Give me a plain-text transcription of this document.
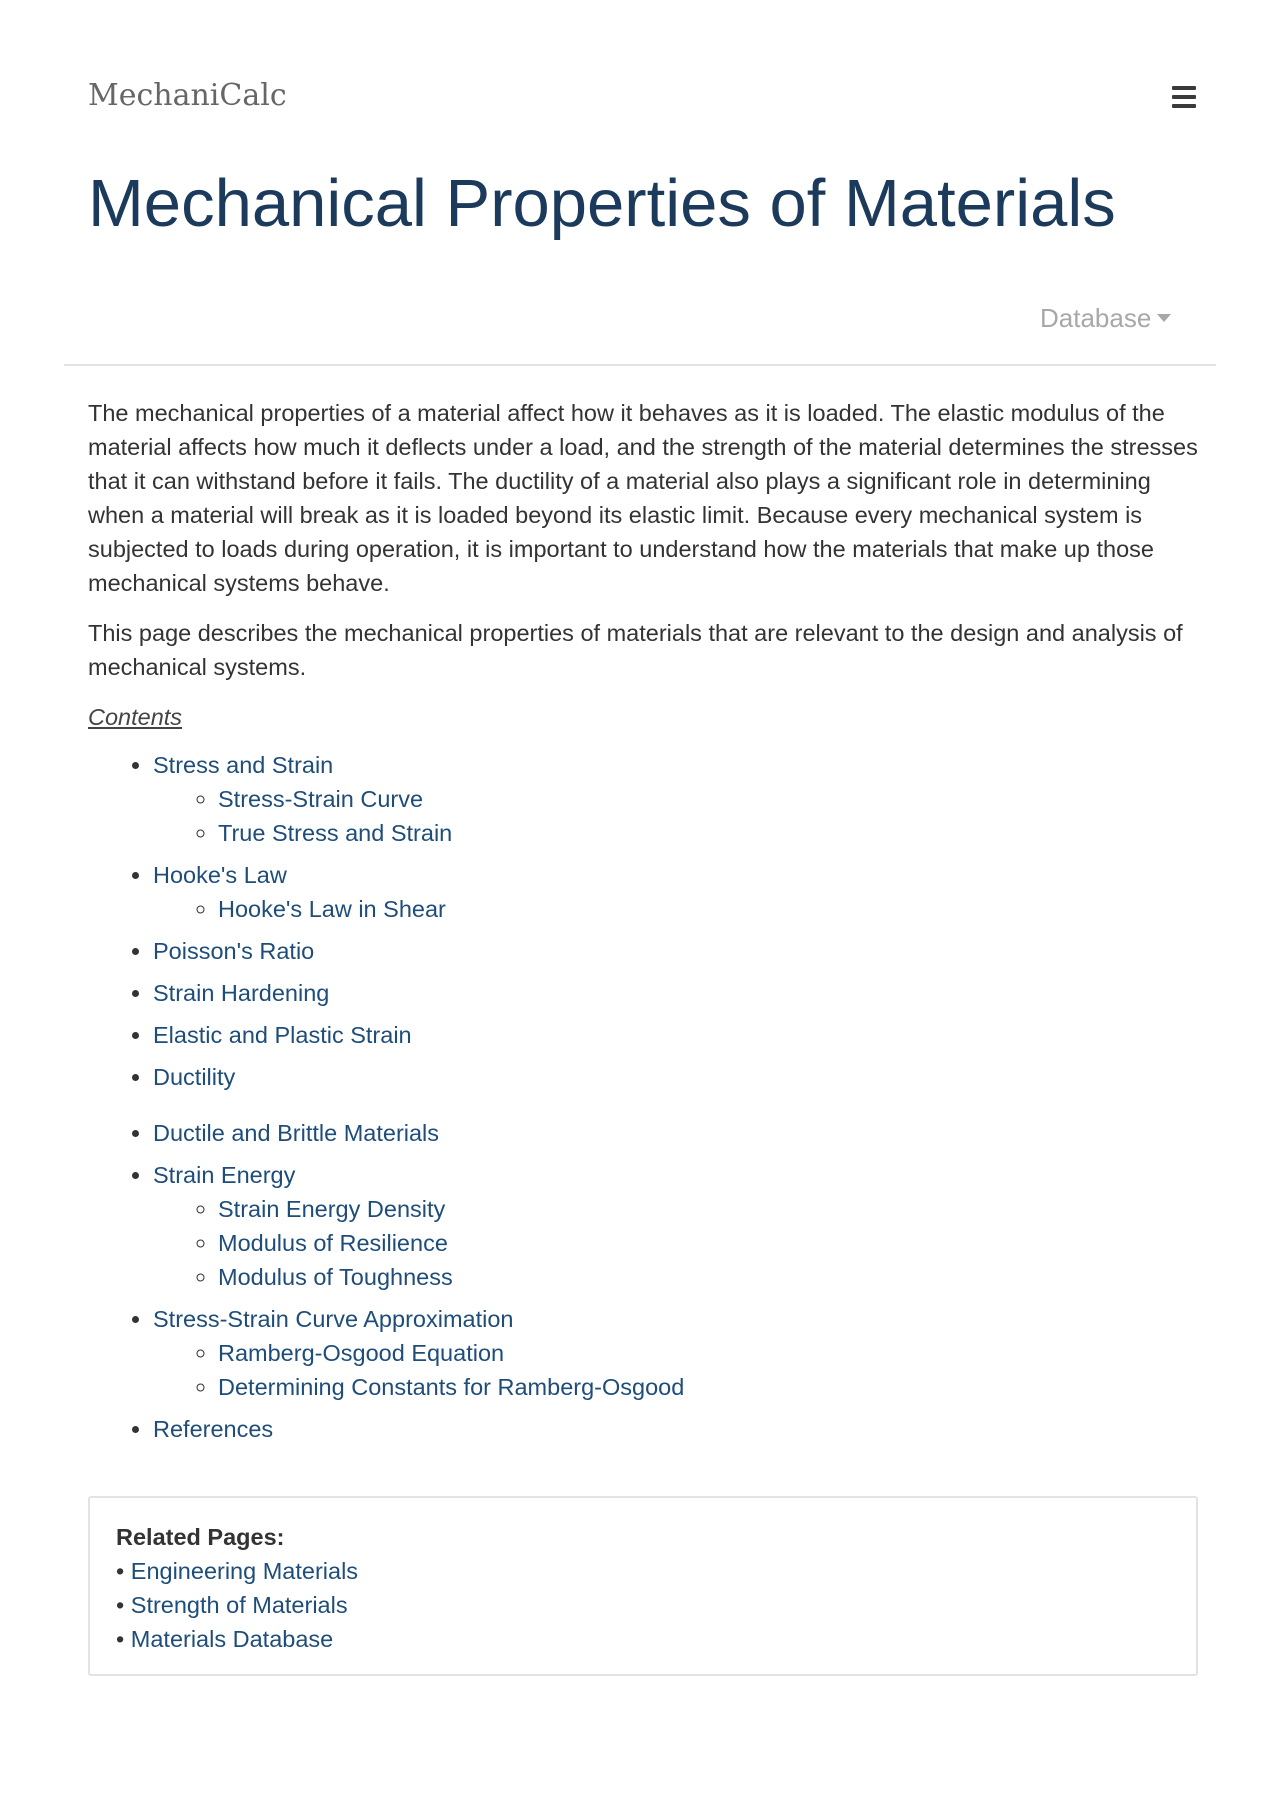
MechaniCalc
Mechanical Properties of Materials
Database

The mechanical properties of a material affect how it behaves as it is loaded. The elastic modulus of the material affects how much it deflects under a load, and the strength of the material determines the stresses that it can withstand before it fails. The ductility of a material also plays a significant role in determining when a material will break as it is loaded beyond its elastic limit. Because every mechanical system is subjected to loads during operation, it is important to understand how the materials that make up those mechanical systems behave.

This page describes the mechanical properties of materials that are relevant to the design and analysis of mechanical systems.

Contents
• Stress and Strain
◦ Stress-Strain Curve
◦ True Stress and Strain
• Hooke's Law
◦ Hooke's Law in Shear
• Poisson's Ratio
• Strain Hardening
• Elastic and Plastic Strain
• Ductility
• Ductile and Brittle Materials
• Strain Energy
◦ Strain Energy Density
◦ Modulus of Resilience
◦ Modulus of Toughness
• Stress-Strain Curve Approximation
◦ Ramberg-Osgood Equation
◦ Determining Constants for Ramberg-Osgood
• References
Related Pages:
• Engineering Materials
• Strength of Materials
• Materials Database
